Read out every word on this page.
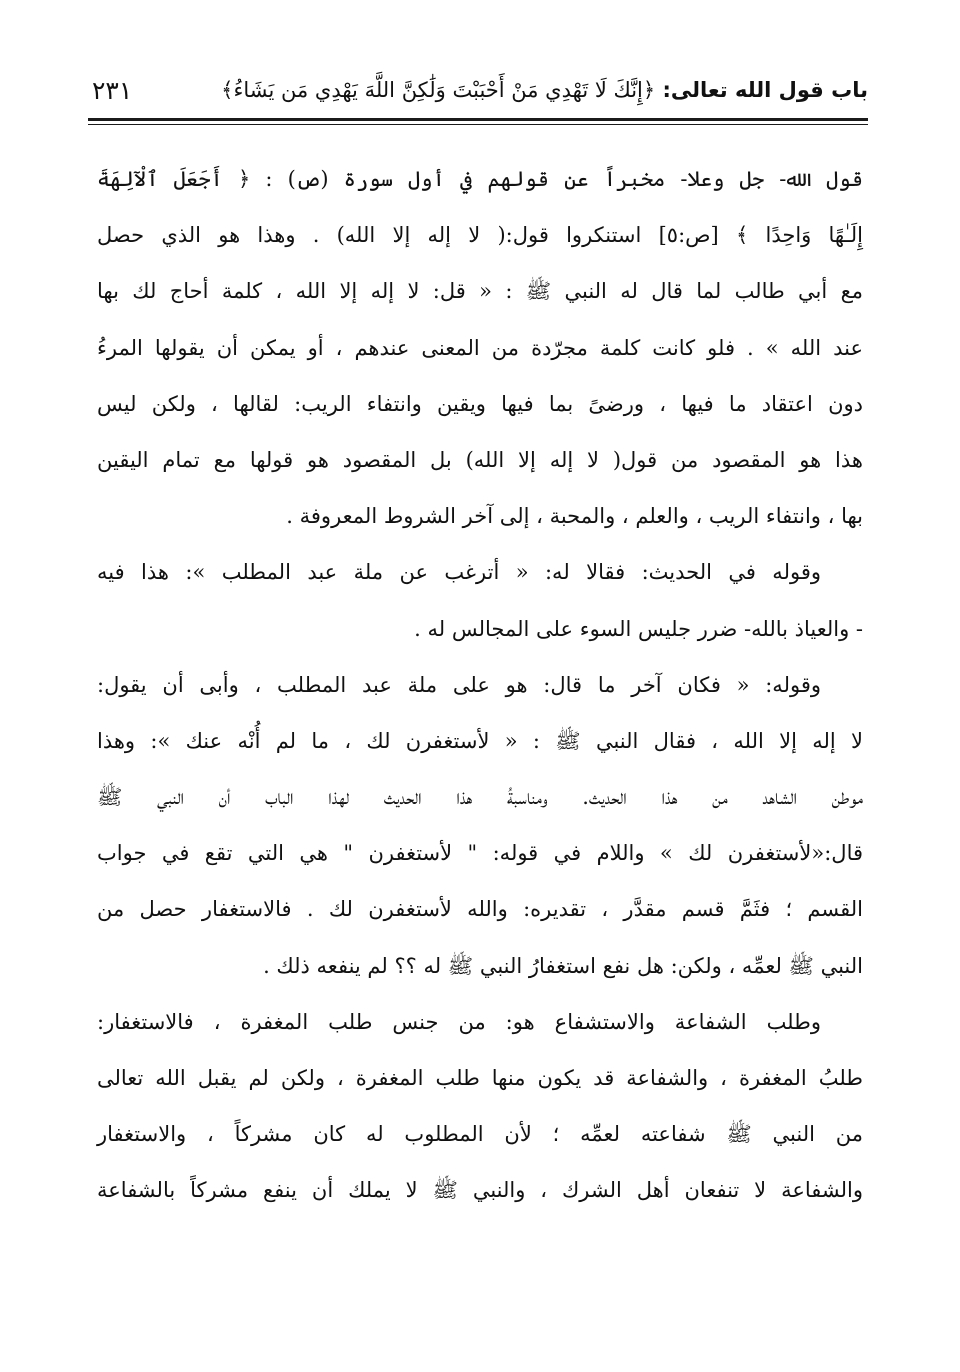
باب قول الله تعالى: ﴿إِنَّكَ لَا تَهْدِي مَنْ أَحْبَبْتَ وَلَٰكِنَّ اللَّهَ يَهْدِي مَن يَشَاءُ﴾
٢٣١
قول الله- جل وعلا- مخبراً عن قولهم في أول سورة (ص) : ﴿ أَجَعَلَ ٱلْآلِهَةَ
إِلَـٰهًا وَاحِدًا ﴾ [ص:٥] استنكروا قول:( لا إله إلا الله) . وهذا هو الذي حصل
مع أبي طالب لما قال له النبي ﷺ : « قل: لا إله إلا الله ، كلمة أحاج لك بها
عند الله » . فلو كانت كلمة مجرّدة من المعنى عندهم ، أو يمكن أن يقولها المرءُ
دون اعتقاد ما فيها ، ورضىً بما فيها ويقين وانتفاء الريب: لقالها ، ولكن ليس
هذا هو المقصود من قول( لا إله إلا الله) بل المقصود هو قولها مع تمام اليقين
بها ، وانتفاء الريب ، والعلم ، والمحبة ، إلى آخر الشروط المعروفة .
وقوله في الحديث: فقالا له: « أترغب عن ملة عبد المطلب »: هذا فيه
- والعياذ بالله- ضرر جليس السوء على المجالس له .
وقوله: « فكان آخر ما قال: هو على ملة عبد المطلب ، وأبى أن يقول:
لا إله إلا الله ، فقال النبي ﷺ : « لأستغفرن لك ، ما لم أُنْه عنك »: وهذا
موطن الشاهد من هذا الحديث. ومناسبةُ هذا الحديث لهذا الباب أن النبي ﷺ
قال:«لأستغفرن لك » واللام في قوله: " لأستغفرن " هي التي تقع في جواب
القسم ؛ فثَمَّ قسم مقدَّر ، تقديره: والله لأستغفرن لك . فالاستغفار حصل من
النبي ﷺ لعمِّه ، ولكن: هل نفع استغفارُ النبي ﷺ له ؟؟ لم ينفعه ذلك .
وطلب الشفاعة والاستشفاع هو: من جنس طلب المغفرة ، فالاستغفار:
طلبُ المغفرة ، والشفاعة قد يكون منها طلب المغفرة ، ولكن لم يقبل الله تعالى
من النبي ﷺ شفاعته لعمِّه ؛ لأن المطلوب له كان مشركاً ، والاستغفار
والشفاعة لا تنفعان أهل الشرك ، والنبي ﷺ لا يملك أن ينفع مشركاً بالشفاعة
